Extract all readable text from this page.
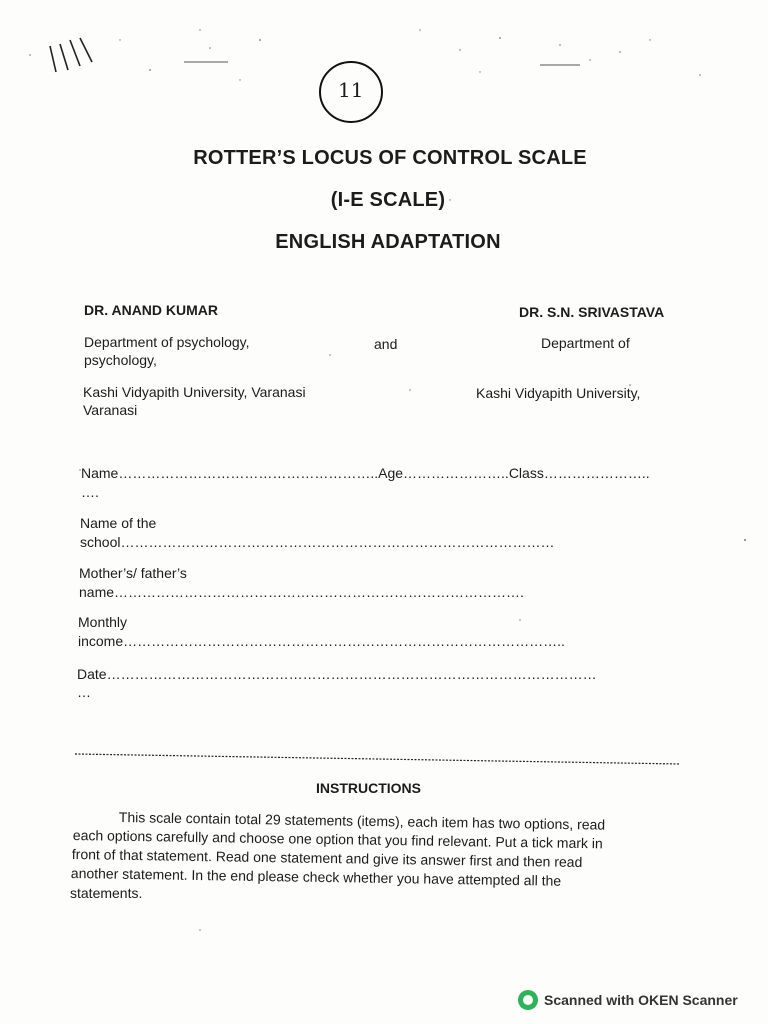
11
ROTTER’S LOCUS OF CONTROL SCALE
(I-E SCALE)
ENGLISH ADAPTATION
DR. ANAND KUMAR	DR. S.N. SRIVASTAVA
Department of psychology,
psychology,
and	Department of
Kashi Vidyapith University, Varanasi
Varanasi
Kashi Vidyapith University,
Name………………………………………………..Age…………………..Class…………………..
….
Name of the
school…………………………………………………………………………………
Mother’s/ father’s
name…………………………………………………………………………….
Monthly
income…………………………………………………………………………………..
Date……………………………………………………………………………………………
…
INSTRUCTIONS
This scale contain total 29 statements (items), each item has two options, read
each options carefully and choose one option that you find relevant. Put a tick mark in
front of that statement. Read one statement and give its answer first and then read
another statement. In the end please check whether you have attempted all the
statements.
Scanned with OKEN Scanner
